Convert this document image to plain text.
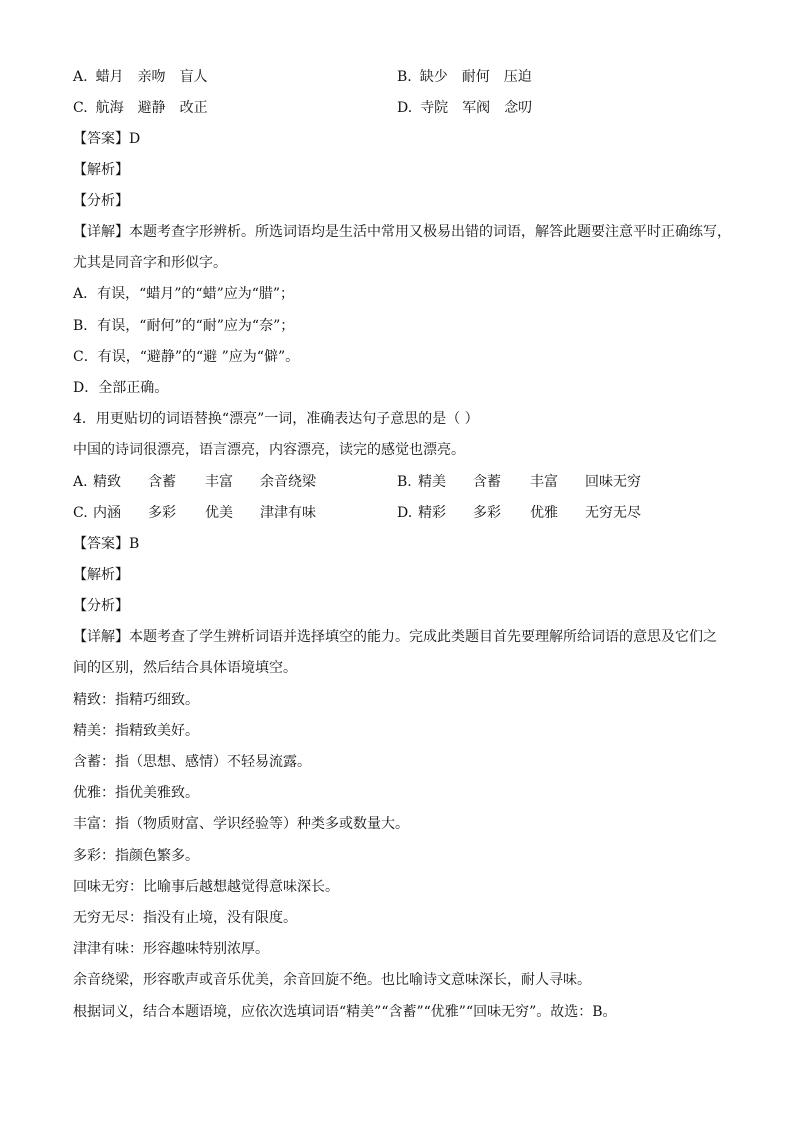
A. 蜡月 亲吻 盲人	B. 缺少 耐何 压迫
C. 航海 避静 改正	D. 寺院 军阀 念叨
【答案】D
【解析】
【分析】
【详解】本题考查字形辨析。所选词语均是生活中常用又极易出错的词语，解答此题要注意平时正确练写，
尤其是同音字和形似字。
A．有误，“蜡月”的“蜡”应为“腊”；
B．有误，“耐何”的“耐”应为“奈”；
C．有误，“避静”的“避 ”应为“僻”。
D．全部正确。
4．用更贴切的词语替换“漂亮”一词，准确表达句子意思的是（ ）
中国的诗词很漂亮，语言漂亮，内容漂亮，读完的感觉也漂亮。
A. 精致 含蓄 丰富 余音绕梁	B. 精美 含蓄 丰富 回味无穷
C. 内涵 多彩 优美 津津有味	D. 精彩 多彩 优雅 无穷无尽
【答案】B
【解析】
【分析】
【详解】本题考查了学生辨析词语并选择填空的能力。完成此类题目首先要理解所给词语的意思及它们之
间的区别，然后结合具体语境填空。
精致：指精巧细致。
精美：指精致美好。
含蓄：指（思想、感情）不轻易流露。
优雅：指优美雅致。
丰富：指（物质财富、学识经验等）种类多或数量大。
多彩：指颜色繁多。
回味无穷：比喻事后越想越觉得意味深长。
无穷无尽：指没有止境，没有限度。
津津有味：形容趣味特别浓厚。
余音绕梁，形容歌声或音乐优美，余音回旋不绝。也比喻诗文意味深长，耐人寻味。
根据词义，结合本题语境，应依次选填词语“精美”“含蓄”“优雅”“回味无穷”。故选：B。
